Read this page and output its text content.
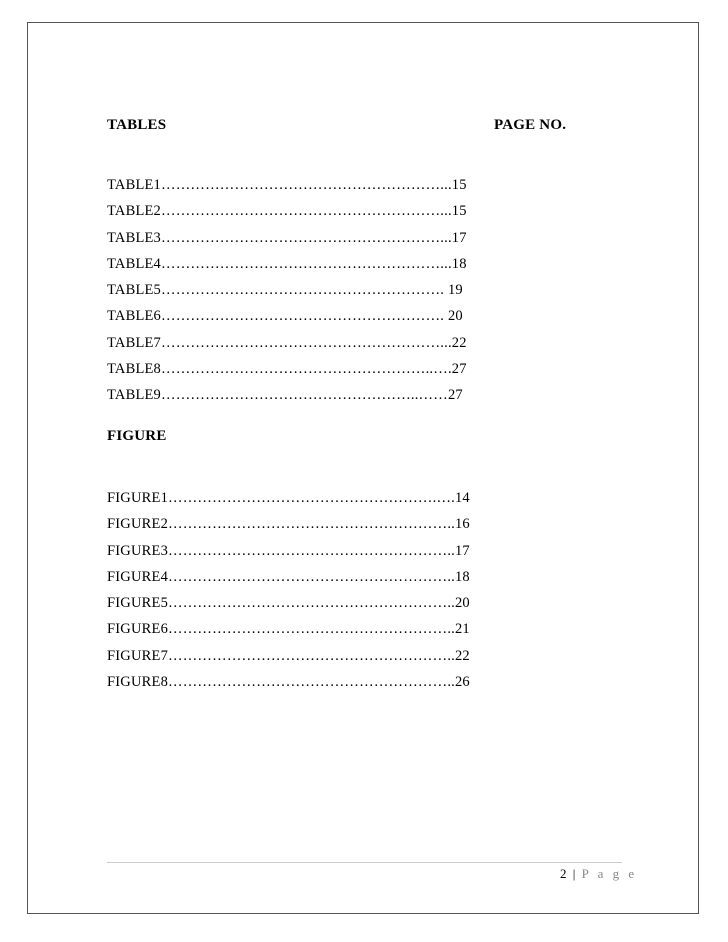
TABLES	PAGE NO.
TABLE1…………………………………………………...15
TABLE2…………………………………………………...15
TABLE3…………………………………………………...17
TABLE4…………………………………………………...18
TABLE5…………………………………………………. 19
TABLE6…………………………………………………. 20
TABLE7…………………………………………………...22
TABLE8………………………………………………..….27
TABLE9……………………………………………..……27
FIGURE
FIGURE1……………………………………………….….14
FIGURE2…………………………………………………..16
FIGURE3…………………………………………………..17
FIGURE4…………………………………………………..18
FIGURE5…………………………………………………..20
FIGURE6…………………………………………………..21
FIGURE7…………………………………………………..22
FIGURE8…………………………………………………..26
2 | P a g e
